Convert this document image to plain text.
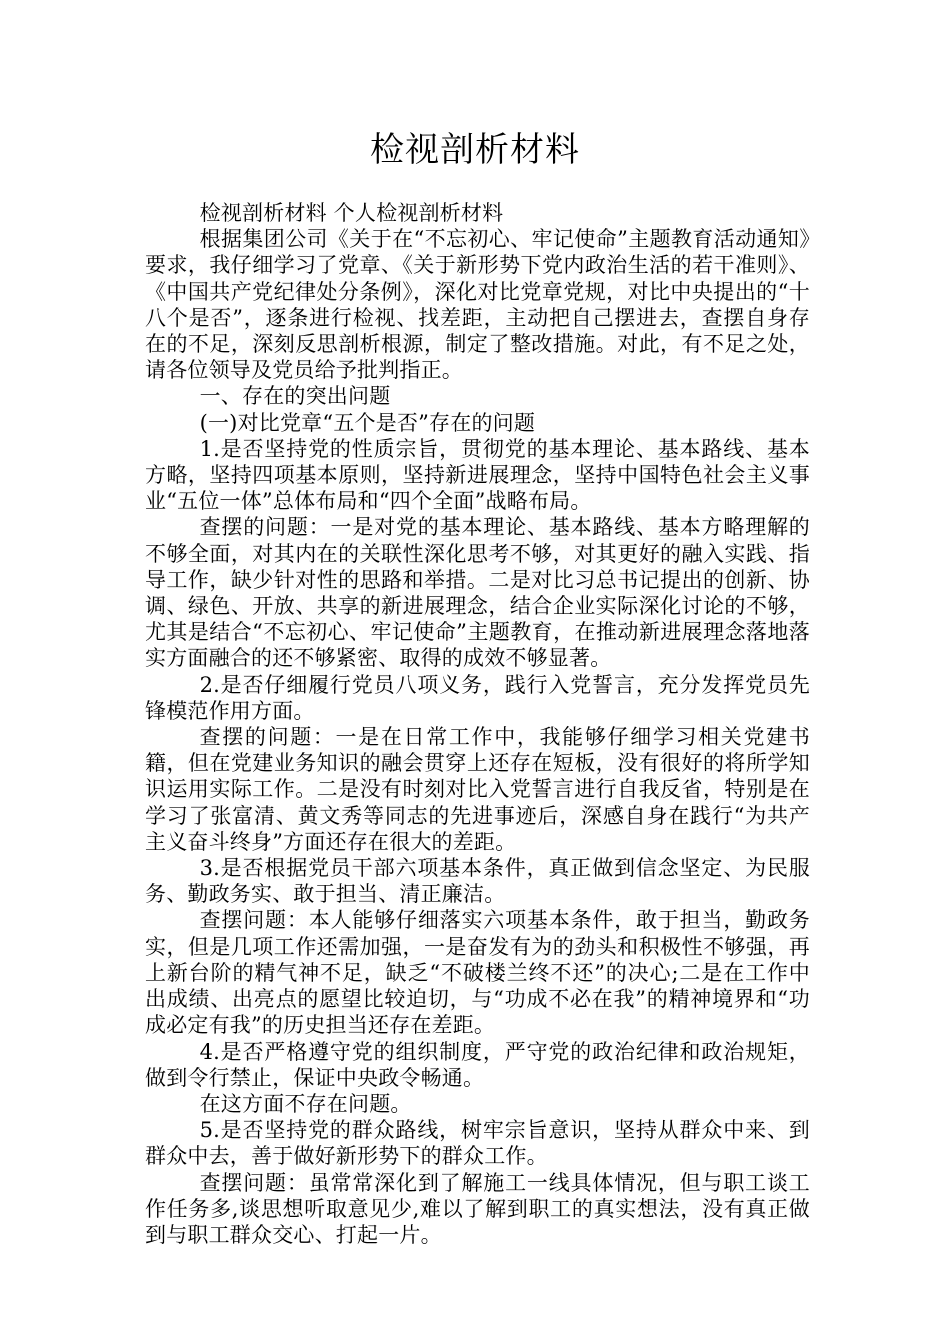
检视剖析材料

检视剖析材料 个人检视剖析材料

根据集团公司《关于在“不忘初心、牢记使命”主题教育活动通知》要求，我仔细学习了党章、《关于新形势下党内政治生活的若干准则》、《中国共产党纪律处分条例》，深化对比党章党规，对比中央提出的“十八个是否”，逐条进行检视、找差距，主动把自己摆进去，查摆自身存在的不足，深刻反思剖析根源，制定了整改措施。对此，有不足之处，请各位领导及党员给予批判指正。

一、存在的突出问题

(一)对比党章“五个是否”存在的问题

1.是否坚持党的性质宗旨，贯彻党的基本理论、基本路线、基本方略，坚持四项基本原则，坚持新进展理念，坚持中国特色社会主义事业“五位一体”总体布局和“四个全面”战略布局。

查摆的问题：一是对党的基本理论、基本路线、基本方略理解的不够全面，对其内在的关联性深化思考不够，对其更好的融入实践、指导工作，缺少针对性的思路和举措。二是对比习总书记提出的创新、协调、绿色、开放、共享的新进展理念，结合企业实际深化讨论的不够，尤其是结合“不忘初心、牢记使命”主题教育，在推动新进展理念落地落实方面融合的还不够紧密、取得的成效不够显著。

2.是否仔细履行党员八项义务，践行入党誓言，充分发挥党员先锋模范作用方面。

查摆的问题：一是在日常工作中，我能够仔细学习相关党建书籍，但在党建业务知识的融会贯穿上还存在短板，没有很好的将所学知识运用实际工作。二是没有时刻对比入党誓言进行自我反省，特别是在学习了张富清、黄文秀等同志的先进事迹后，深感自身在践行“为共产主义奋斗终身”方面还存在很大的差距。

3.是否根据党员干部六项基本条件，真正做到信念坚定、为民服务、勤政务实、敢于担当、清正廉洁。

查摆问题：本人能够仔细落实六项基本条件，敢于担当，勤政务实，但是几项工作还需加强，一是奋发有为的劲头和积极性不够强，再上新台阶的精气神不足，缺乏“不破楼兰终不还”的决心;二是在工作中出成绩、出亮点的愿望比较迫切，与“功成不必在我”的精神境界和“功成必定有我”的历史担当还存在差距。

4.是否严格遵守党的组织制度，严守党的政治纪律和政治规矩，做到令行禁止，保证中央政令畅通。

在这方面不存在问题。

5.是否坚持党的群众路线，树牢宗旨意识，坚持从群众中来、到群众中去，善于做好新形势下的群众工作。

查摆问题：虽常常深化到了解施工一线具体情况，但与职工谈工作任务多,谈思想听取意见少,难以了解到职工的真实想法，没有真正做到与职工群众交心、打起一片。
